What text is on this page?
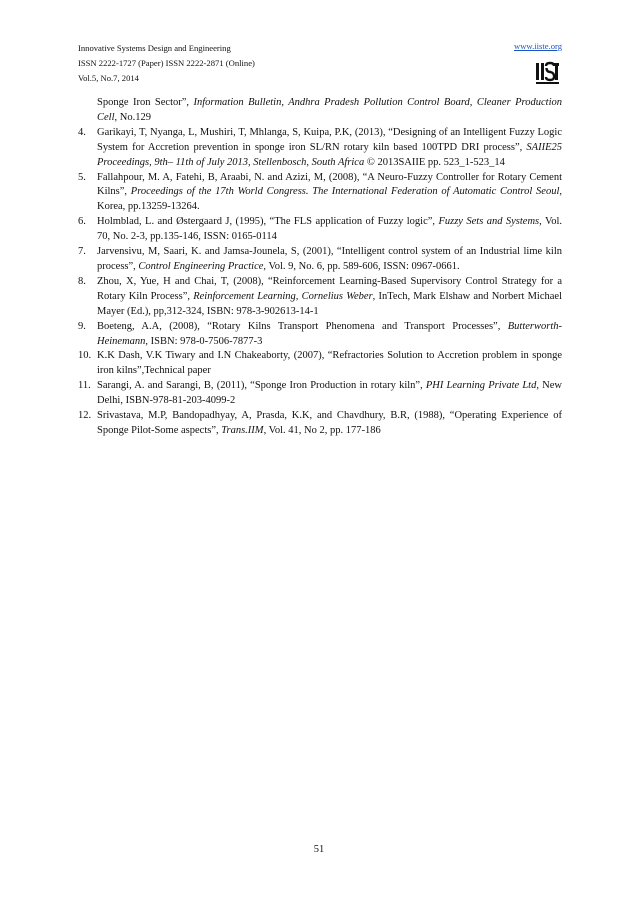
Innovative Systems Design and Engineering
ISSN 2222-1727 (Paper) ISSN 2222-2871 (Online)
Vol.5, No.7, 2014
www.iiste.org
Sponge Iron Sector”, Information Bulletin, Andhra Pradesh Pollution Control Board, Cleaner Production Cell, No.129
4.	Garikayi, T, Nyanga, L, Mushiri, T, Mhlanga, S, Kuipa, P.K, (2013), “Designing of an Intelligent Fuzzy Logic System for Accretion prevention in sponge iron SL/RN rotary kiln based 100TPD DRI process”, SAIIE25 Proceedings, 9th– 11th of July 2013, Stellenbosch, South Africa © 2013SAIIE pp. 523_1-523_14
5.	Fallahpour, M. A, Fatehi, B, Araabi, N. and Azizi, M, (2008), “A Neuro-Fuzzy Controller for Rotary Cement Kilns”, Proceedings of the 17th World Congress. The International Federation of Automatic Control Seoul, Korea, pp.13259-13264.
6.	Holmblad, L. and Østergaard J, (1995), “The FLS application of Fuzzy logic”, Fuzzy Sets and Systems, Vol. 70, No. 2-3, pp.135-146, ISSN: 0165-0114
7.	Jarvensivu, M, Saari, K. and Jamsa-Jounela, S, (2001), “Intelligent control system of an Industrial lime kiln process”, Control Engineering Practice, Vol. 9, No. 6, pp. 589-606, ISSN: 0967-0661.
8.	Zhou, X, Yue, H and Chai, T, (2008), “Reinforcement Learning-Based Supervisory Control Strategy for a Rotary Kiln Process”, Reinforcement Learning, Cornelius Weber, InTech, Mark Elshaw and Norbert Michael Mayer (Ed.), pp,312-324, ISBN: 978-3-902613-14-1
9.	Boeteng, A.A, (2008), “Rotary Kilns Transport Phenomena and Transport Processes”, Butterworth-Heinemann, ISBN: 978-0-7506-7877-3
10. K.K Dash, V.K Tiwary and I.N Chakeaborty, (2007), “Refractories Solution to Accretion problem in sponge iron kilns”,Technical paper
11. Sarangi, A. and Sarangi, B, (2011), “Sponge Iron Production in rotary kiln”, PHI Learning Private Ltd, New Delhi, ISBN-978-81-203-4099-2
12. Srivastava, M.P, Bandopadhyay, A, Prasda, K.K, and Chavdhury, B.R, (1988), “Operating Experience of Sponge Pilot-Some aspects”, Trans.IIM, Vol. 41, No 2, pp. 177-186
51
